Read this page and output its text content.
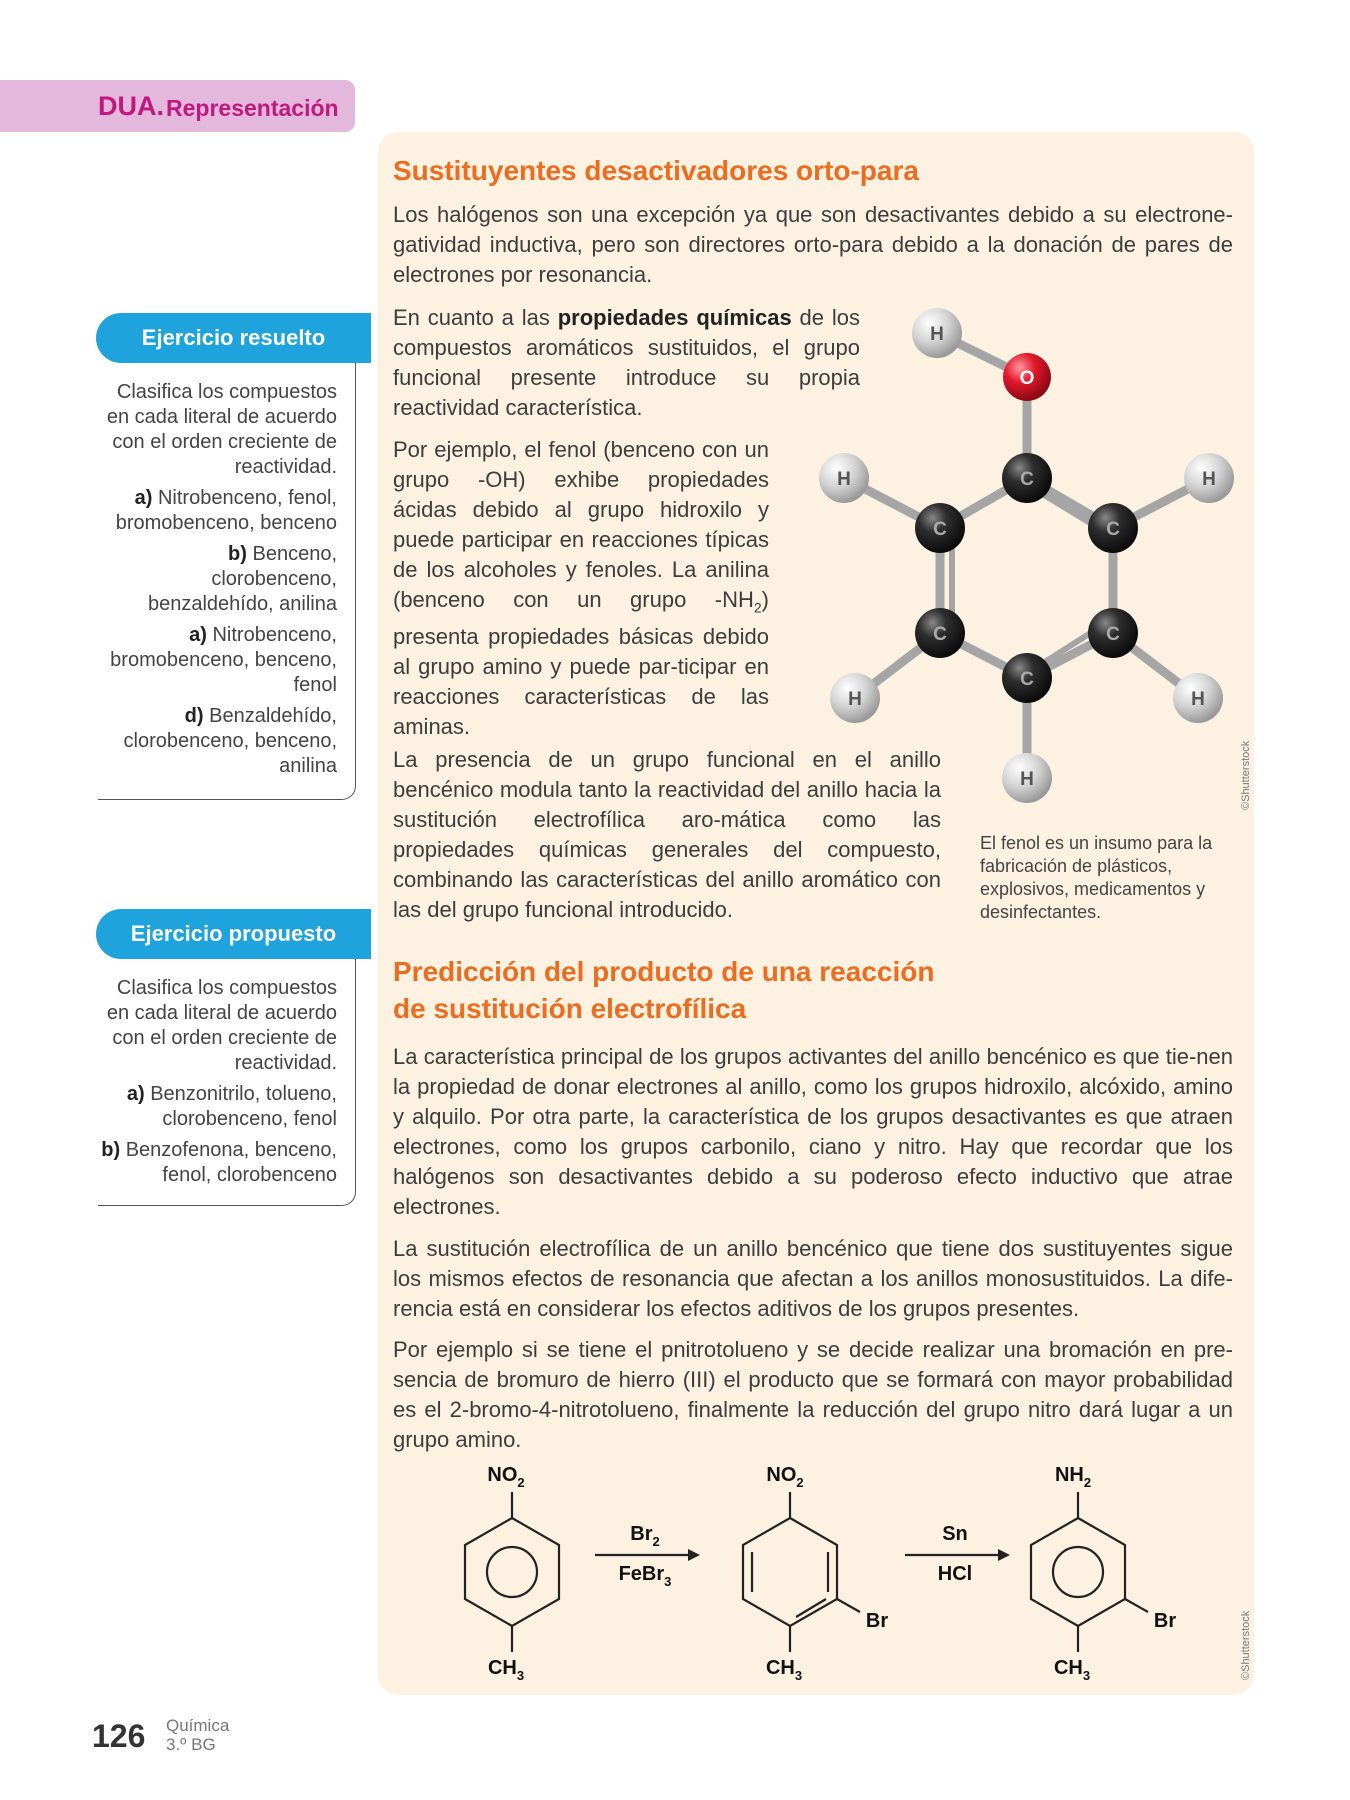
DUA. Representación
Sustituyentes desactivadores orto-para
Los halógenos son una excepción ya que son desactivantes debido a su electrone-gatividad inductiva, pero son directores orto-para debido a la donación de pares de electrones por resonancia.
En cuanto a las propiedades químicas de los compuestos aromáticos sustituidos, el grupo funcional presente introduce su propia reactividad característica.
Por ejemplo, el fenol (benceno con un grupo -OH) exhibe propiedades ácidas debido al grupo hidroxilo y puede participar en reacciones típicas de los alcoholes y fenoles. La anilina (benceno con un grupo $-NH_2$) presenta propiedades básicas debido al grupo amino y puede par-ticipar en reacciones características de las aminas.
La presencia de un grupo funcional en el anillo bencénico modula tanto la reactividad del anillo hacia la sustitución electrofílica aro-mática como las propiedades químicas generales del compuesto, combinando las características del anillo aromático con las del grupo funcional introducido.
H
O
H	H
H	H
H
C
C	C
C	C
C
©Shutterstock
El fenol es un insumo para la fabricación de plásticos, explosivos, medicamentos y desinfectantes.
Predicción del producto de una reacción
de sustitución electrofílica
La característica principal de los grupos activantes del anillo bencénico es que tie-nen la propiedad de donar electrones al anillo, como los grupos hidroxilo, alcóxido, amino y alquilo. Por otra parte, la característica de los grupos desactivantes es que atraen electrones, como los grupos carbonilo, ciano y nitro. Hay que recordar que los halógenos son desactivantes debido a su poderoso efecto inductivo que atrae electrones.
La sustitución electrofílica de un anillo bencénico que tiene dos sustituyentes sigue los mismos efectos de resonancia que afectan a los anillos monosustituidos. La dife-rencia está en considerar los efectos aditivos de los grupos presentes.
Por ejemplo si se tiene el pnitrotolueno y se decide realizar una bromación en pre-sencia de bromuro de hierro (III) el producto que se formará con mayor probabilidad es el 2-bromo-4-nitrotolueno, finalmente la reducción del grupo nitro dará lugar a un grupo amino.
$NO_2$
$CH_3$
$Br_2$
FeBr$_3$
$NO_2$
Br
$CH_3$
Sn
HCl
$NH_2$
Br
$CH_3$	©Shutterstock
Ejercicio resuelto
Clasifica los compuestos en cada literal de acuerdo con el orden creciente de reactividad.
a) Nitrobenceno, fenol, bromobenceno, benceno
b) Benceno, clorobenceno, benzaldehído, anilina
a) Nitrobenceno, bromobenceno, benceno, fenol
d) Benzaldehído, clorobenceno, benceno, anilina
Ejercicio propuesto
Clasifica los compuestos en cada literal de acuerdo con el orden creciente de reactividad.
a) Benzonitrilo, tolueno, clorobenceno, fenol
b) Benzofenona, benceno, fenol, clorobenceno
126 Química
3.º BG
